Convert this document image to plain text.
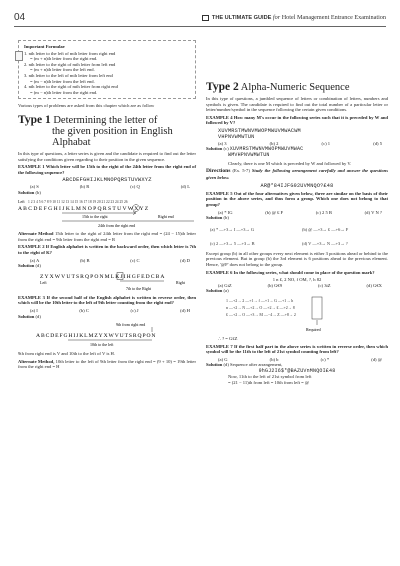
04	THE ULTIMATE GUIDE for Hotel Management Entrance Examination
Important Formulae

1. nth letter to the left of mth letter from right end

= (m + n)th letter from the right end.

2. nth letter to the right of mth letter from left end

= (m + n)th letter from the left end.

3. nth letter to the left of mth letter from left end

= (m − n)th letter from the left end.

4. nth letter to the right of mth letter from right end

= (m − n)th letter from the right end.

Various types of problems are asked from this chapter which are as follow

Type 1 Determining the letter of
the given position in English
Alphabat

In this type of questions, a letter series is given and the candidate is required to find out the letter satisfying the conditions given regarding to their position in the given sequence.

EXAMPLE 1 Which letter will be 15th to the right of the 24th letter from the right end of the following sequence?

ABCDEFGHIJKLMNOPQRSTUVWXYZ
(a) S	(b) R	(c) Q	(d) L
Solution (b)
Left 1 2 3 4 5 6 7 8 9 10 11 12 13 14 15 16 17 18 19 20 21 22 23 24 25 26
A B C D E F G H I J K L M N O P Q R S T U V W X Y Z
15th to the right	Right end
24th from the right end

Alternate Method 15th letter to the right of 24th letter from the right end = (24 − 15)th letter from the right end = 9th letter from the right end = R

EXAMPLE 2 If English alphabet is written in the backward order, then which letter is 7th to the right of K?

(a) A	(b) B	(c) C	(d) D
Solution (d)
ZYXWVUTSRQPONMLKJIHGFEDCBA
Left	Right
7th to the Right

EXAMPLE 3 If the second half of the English alphabet is written in reverse order, then which will be the 10th letter to the left of 9th letter counting from the right end?

(a) I	(b) C	(c) J	(d) H
Solution (d)
9th from right end
ABCDEFGHIJKLMZYXWVUTSRQPON
10th to the left

9th from right end is V and 10th to the left of V is H.

Alternate Method, 10th letter to the left of 9th letter from the right end = (9 + 10) = 19th letter from the right end = H

Type 2 Alpha-Numeric Sequence

In this type of questions, a jumbled sequence of letters or combination of letters, numbers and symbols is given. The candidate is required to find out the total number of a particular letter or letter/number/symbol in the sequence following the certain given conditions.

EXAMPLE 4 How many M's occur in the following series such that it is preceded by W and followed by V?

XUVMRSTMWNVMWOPMWUVMWACWM
VHPNVWMWTUN
(a) 3	(b) 2	(c) 1	(d) 5
Solution (c) XUVMRSTMWNVMWOPMWUVMWAC
WMVHPNVWMWTUN

Clearly, there is one M which is preceded by W and followed by V.

Directions (Ex. 5-7) Study the following arrangement carefully and answer the questions given below.

AR@*84IJFG92UVMNQO?£48

EXAMPLE 5 Out of the four alternatives given below, three are similar on the basis of their position in the above series, and thus form a group. Which one does not belong to that group?

(a) * IG	(b) @ £ F	(c) 2 5 B	(d) V N ?
Solution (b)
(a) * —+3→ I —+3→ G	(b) @ —+3→ £ —+6→ F
(c) 2 —+3→ 5 —+3→ B	(d) V —+3→ N —+3→ ?

Except group (b) in all other groups every next element is either 3 positions ahead or behind to the previous element. But in group (b) the 3rd element is 6 positions ahead to the previous element. Hence, '@F' does not belong to the group.

EXAMPLE 6 In the following series, what should come in place of the question mark?

1 n £, 2 NO, f OM, ?, h 82
(a) GtZ	(b) G€9	(c) 3tZ	(d) G€X
Solution (a)
1 —+2→ 2 —+1→ f —+1→ G —+1→ h
n —+2→ N —+2→ O —+2→ £ —+2→ 8
£ —+2→ O —+3→ M —−4→ Z —+8→ 2
Required
∴ ? = G£Z

EXAMPLE 7 If the first half part in the above series is written in reverse order, then which symbol will be the 11th to the left of 21st symbol counting from left?

(a) G	(b) b	(c) *	(d) @
Solution (d) Sequence after arrangement,
9hGJ2I6$*@BAZUVnMNQOI£48
Now, 11th to the left of 21st symbol from left
= (21 − 11)th from left = 10th from left = @
